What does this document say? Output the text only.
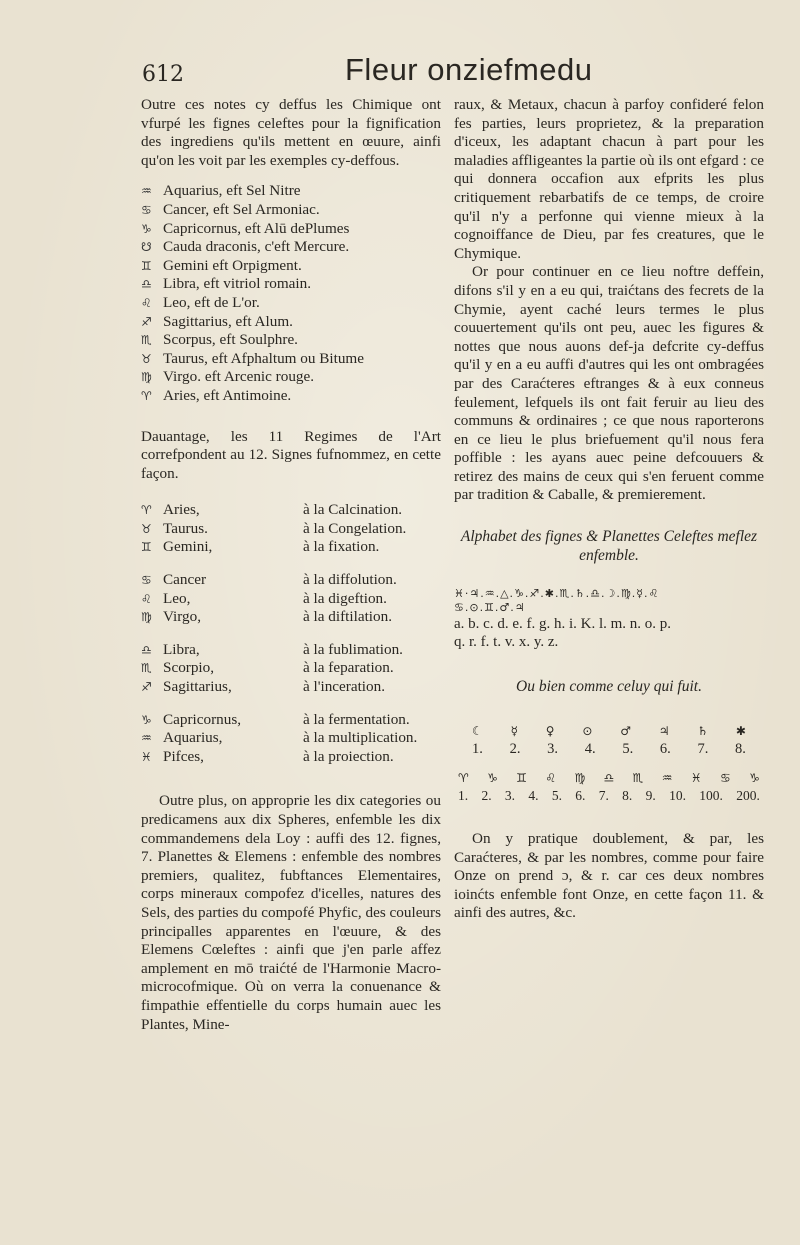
612	Fleur onziefmedu

Outre ces notes cy deffus les Chimique ont vfurpé les fignes celeftes pour la fignification des ingrediens qu'ils mettent en œuure, ainfi qu'on les voit par les exemples cy-deffous.

♒ Aquarius, eft Sel Nitre
♋ Cancer, eft Sel Armoniac.
♑ Capricornus, eft Alū dePlumes
☋ Cauda draconis, c'eft Mercure.
♊ Gemini eft Orpigment.
♎ Libra, eft vitriol romain.
♌ Leo, eft de L'or.
♐ Sagittarius, eft Alum.
♏ Scorpus, eft Soulphre.
♉ Taurus, eft Afphaltum ou Bitume
♍ Virgo. eft Arcenic rouge.
♈ Aries, eft Antimoine.

Dauantage, les 11 Regimes de l'Art correfpondent au 12. Signes fufnommez, en cette façon.

♈ Aries,	à la Calcination.
♉ Taurus.	à la Congelation.
♊ Gemini,	à la fixation.
♋ Cancer	à la diffolution.
♌ Leo,	à la digeftion.
♍ Virgo,	à la diftilation.
♎ Libra,	à la fublimation.
♏ Scorpio,	à la feparation.
♐ Sagittarius,	à l'inceration.
♑ Capricornus,	à la fermentation.
♒ Aquarius,	à la multiplication.
♓ Pifces,	à la proiection.

Outre plus, on approprie les dix categories ou predicamens aux dix Spheres, enfemble les dix commandemens dela Loy : auffi des 12. fignes, 7. Planettes & Elemens : enfemble des nombres premiers, qualitez, fubftances Elementaires, corps mineraux compofez d'icelles, natures des Sels, des parties du compofé Phyfic, des couleurs principalles apparentes en l'œuure, & des Elemens Cœleftes : ainfi que j'en parle affez amplement en mō traićté de l'Harmonie Macro-microcofmique. Où on verra la conuenance & fimpathie effentielle du corps humain auec les Plantes, Mine-

raux, & Metaux, chacun à parfoy confideré felon fes parties, leurs proprietez, & la preparation d'iceux, les adaptant chacun à part pour les maladies affligeantes la partie où ils ont efgard : ce qui donnera occafion aux efprits les plus critiquement rebarbatifs de ce temps, de croire qu'il n'y a perfonne qui vienne mieux à la cognoiffance de Dieu, par fes creatures, que le Chymique.

Or pour continuer en ce lieu noftre deffein, difons s'il y en a eu qui, traićtans des fecrets de la Chymie, ayent caché leurs termes le plus couuertement qu'ils ont peu, auec les figures & nottes que nous auons def-ja defcrite cy-deffus qu'il y en a eu auffi d'autres qui les ont ombragées par des Caraćteres eftranges & à eux conneus feulement, lefquels ils ont fait feruir au lieu des communs & ordinaires ; ce que nous raporterons en ce lieu le plus briefuement qu'il nous fera poffible : les ayans auec peine defcouuers & retirez des mains de ceux qui s'en feruent comme par tradition & Caballe, & premierement.

Alphabet des fignes & Planettes Celeftes meflez enfemble.
♓·♃.♒.△.♑.♐.✱.♏.♄.♎.☽.♍.☿.♌
♋.⊙.♊.♂.♃
a. b. c. d. e. f. g. h. i. K. l. m. n. o. p.
q. r. f. t. v. x. y. z.
Ou bien comme celuy qui fuit.
☾ ☿ ♀ ⊙ ♂ ♃ ♄ ✱
1. 2. 3. 4. 5. 6. 7. 8.
♈ ♑ ♊ ♌ ♍ ♎ ♏ ♒ ♓ ♋ ♑
1. 2. 3. 4. 5. 6. 7. 8. 9. 10. 100. 200.

On y pratique doublement, & par, les Caraćteres, & par les nombres, comme pour faire Onze on prend ɔ, & r. car ces deux nombres ioinćts enfemble font Onze, en cette façon 11. & ainfi des autres, &c.
